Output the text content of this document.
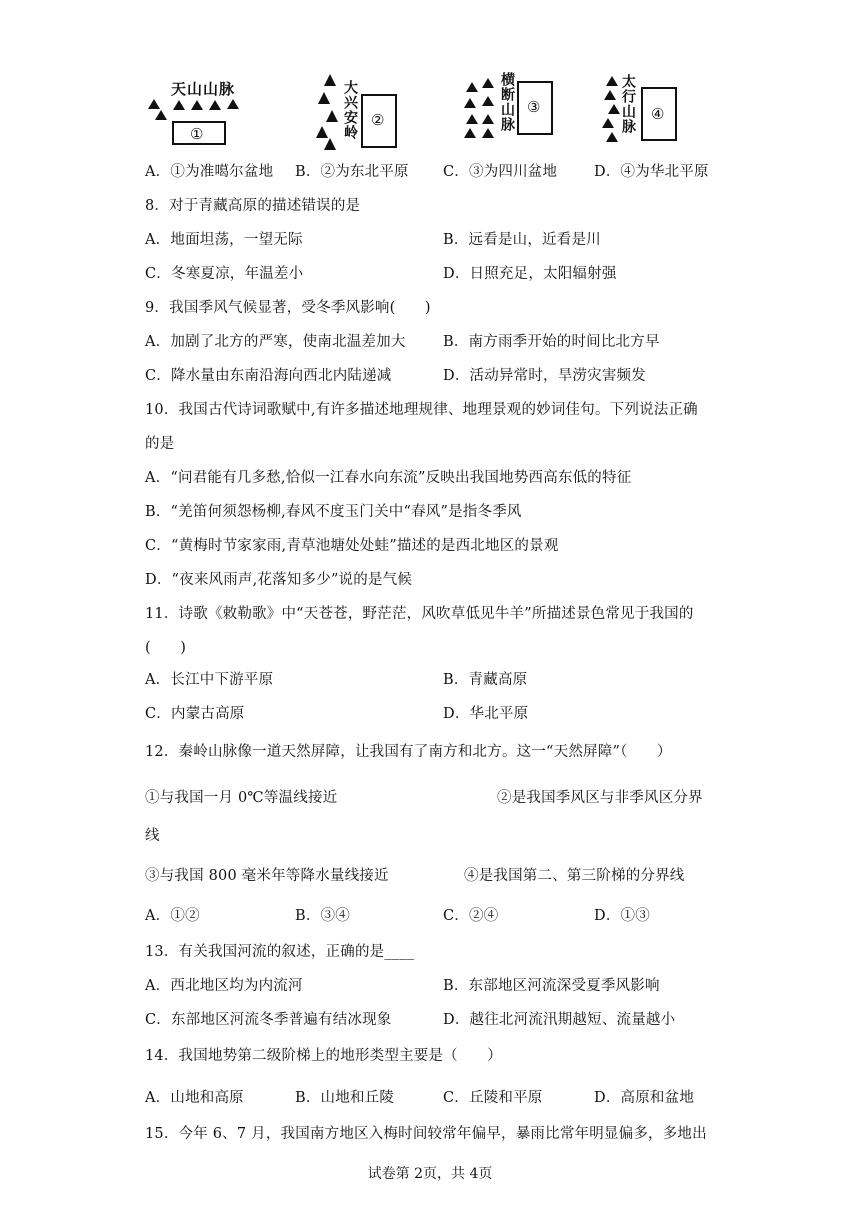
天山山脉
①	大兴安岭 ②	横断山脉 ③	太行山脉 ④
A．①为准噶尔盆地 B．②为东北平原 C．③为四川盆地	D．④为华北平原
8．对于青藏高原的描述错误的是
A．地面坦荡，一望无际	B．远看是山，近看是川
C．冬寒夏凉，年温差小	D．日照充足，太阳辐射强
9．我国季风气候显著，受冬季风影响(　　)
A．加剧了北方的严寒，使南北温差加大	B．南方雨季开始的时间比北方早
C．降水量由东南沿海向西北内陆递减	D．活动异常时，旱涝灾害频发
10．我国古代诗词歌赋中,有许多描述地理规律、地理景观的妙词佳句。下列说法正确
的是
A．“问君能有几多愁,恰似一江春水向东流”反映出我国地势西高东低的特征
B．“羌笛何须怨杨柳,春风不度玉门关中“春风”是指冬季风
C．“黄梅时节家家雨,青草池塘处处蛙”描述的是西北地区的景观
D．“夜来风雨声,花落知多少”说的是气候
11．诗歌《敕勒歌》中“天苍苍，野茫茫，风吹草低见牛羊”所描述景色常见于我国的
(　　)
A．长江中下游平原	B．青藏高原
C．内蒙古高原	D．华北平原
12．秦岭山脉像一道天然屏障，让我国有了南方和北方。这一“天然屏障”（　　）
①与我国一月 0℃等温线接近	②是我国季风区与非季风区分界
线
③与我国 800 毫米年等降水量线接近	④是我国第二、第三阶梯的分界线
A．①②	B．③④	C．②④	D．①③
13．有关我国河流的叙述，正确的是____
A．西北地区均为内流河	B．东部地区河流深受夏季风影响
C．东部地区河流冬季普遍有结冰现象	D．越往北河流汛期越短、流量越小
14．我国地势第二级阶梯上的地形类型主要是（　　）
A．山地和高原	B．山地和丘陵	C．丘陵和平原	D．高原和盆地
15．今年 6、7 月，我国南方地区入梅时间较常年偏早，暴雨比常年明显偏多，多地出
试卷第 2页，共 4页
